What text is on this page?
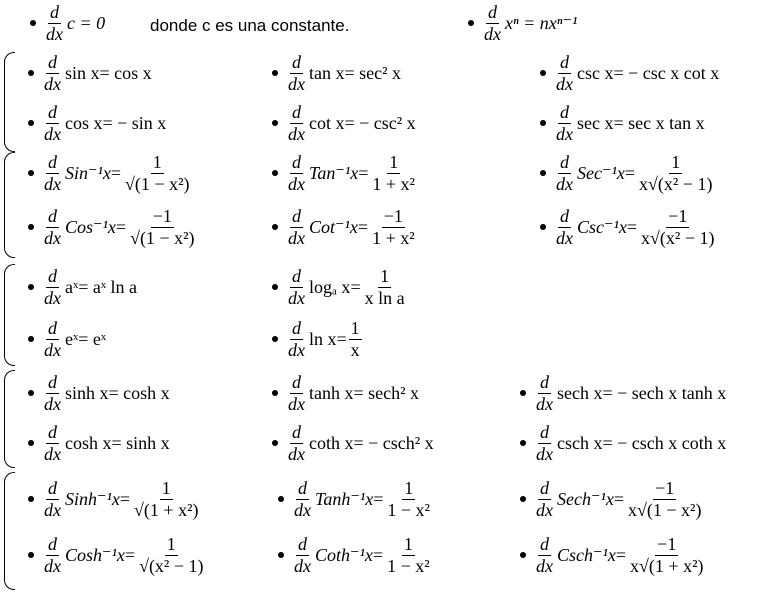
$\frac{d}{dx}$ c = 0	donde c es una constante.	$\frac{d}{dx}$ xⁿ = nxⁿ⁻¹
$\frac{d}{dx}$ sin x = cos x	$\frac{d}{dx}$ tan x = sec² x	$\frac{d}{dx}$ csc x = − csc x cot x
$\frac{d}{dx}$ cos x = − sin x	$\frac{d}{dx}$ cot x = − csc² x	$\frac{d}{dx}$ sec x = sec x tan x
$\frac{d}{dx} Sin^{-1}x = \frac{1}{\text{√(1 − x²)}}$	$\frac{d}{dx} Tan^{-1}x = \frac{1}{\text{1 + x²}}$	$\frac{d}{dx} Sec^{-1}x = \frac{1}{\text{x√(x² − 1)}}$
$\frac{d}{dx} Cos^{-1}x = \frac{-1}{\text{√(1 − x²)}}$	$\frac{d}{dx} Cot^{-1}x = \frac{-1}{\text{1 + x²}}$	$\frac{d}{dx} Csc^{-1}x = \frac{-1}{\text{x√(x² − 1)}}$
$\frac{d}{dx}$ aˣ = aˣ ln a	$\frac{d}{dx}$ logₐ $x = \frac{1}{\text{x ln a}}$
$\frac{d}{dx}$ eˣ = eˣ	$\frac{d}{dx}$ $\ln x = \frac{1}{x}$
$\frac{d}{dx}$ sinh x = cosh x	$\frac{d}{dx}$ tanh x = sech² x	$\frac{d}{dx}$ sech x = − sech x tanh x
$\frac{d}{dx}$ cosh x = sinh x	$\frac{d}{dx}$ coth x = − csch² x	$\frac{d}{dx}$ csch x = − csch x coth x
$\frac{d}{dx}$ Sinh⁻¹x = $\frac{1}{\text{√(1 + x²)}}$	$\frac{d}{dx}$ Tanh⁻¹x = $\frac{1}{\text{1 − x²}}$	$\frac{d}{dx}$ Sech⁻¹x = $\frac{-1}{\text{x√(1 − x²)}}$
$\frac{d}{dx}$ Cosh⁻¹x = $\frac{1}{\text{√(x² − 1)}}$	$\frac{d}{dx}$ Coth⁻¹x = $\frac{1}{\text{1 − x²}}$	$\frac{d}{dx}$ Csch⁻¹x = $\frac{-1}{\text{x√(1 + x²)}}$
